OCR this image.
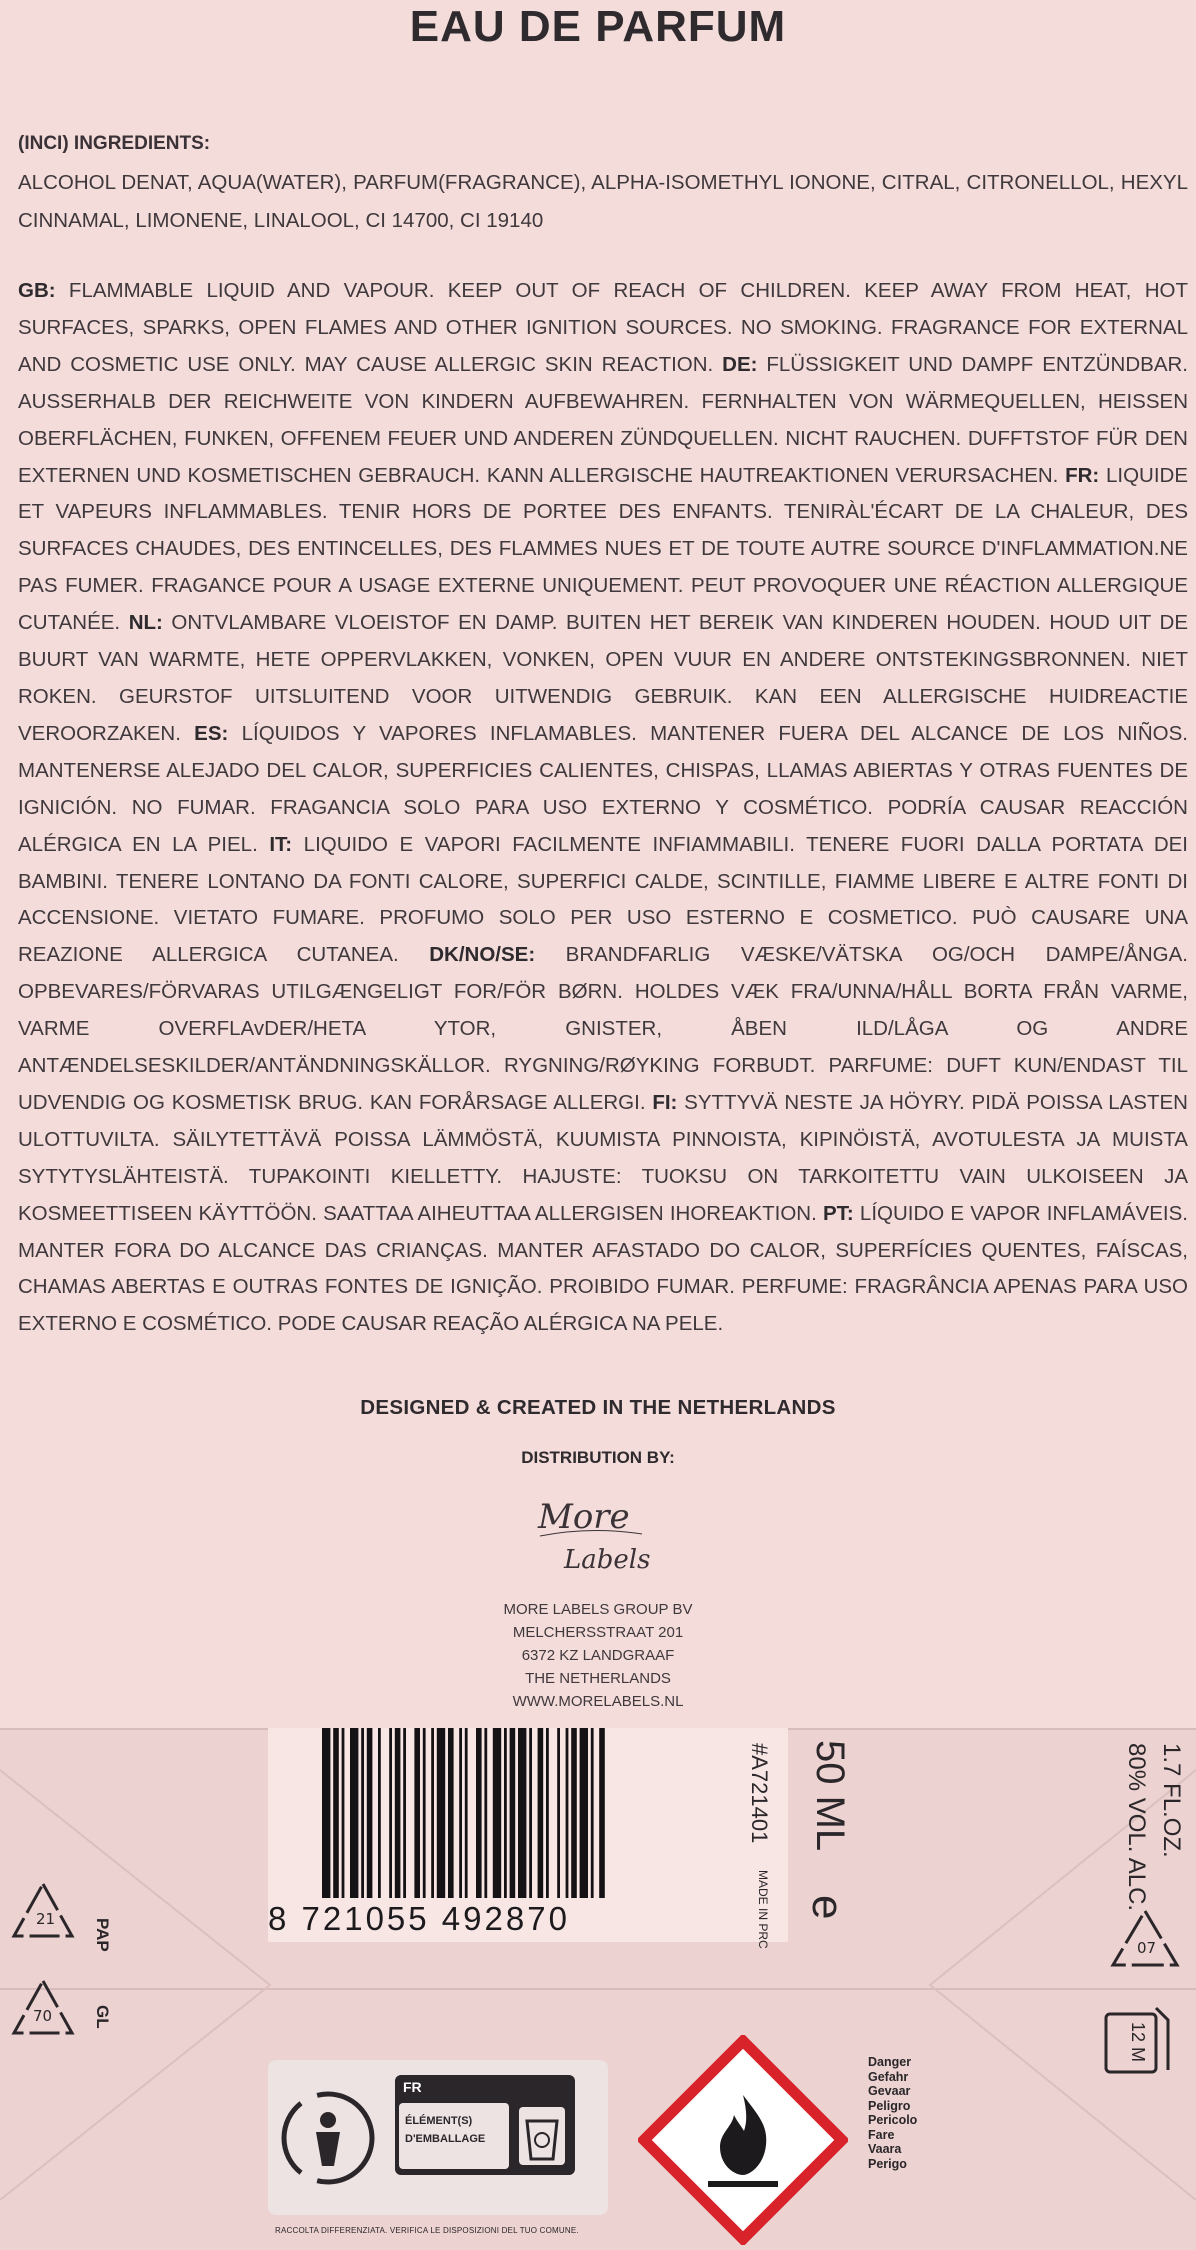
EAU DE PARFUM
(INCI) INGREDIENTS:
ALCOHOL DENAT, AQUA(WATER), PARFUM(FRAGRANCE), ALPHA-ISOMETHYL IONONE, CITRAL, CITRONELLOL, HEXYL CINNAMAL, LIMONENE, LINALOOL, CI 14700, CI 19140
GB: FLAMMABLE LIQUID AND VAPOUR. KEEP OUT OF REACH OF CHILDREN. KEEP AWAY FROM HEAT, HOT SURFACES, SPARKS, OPEN FLAMES AND OTHER IGNITION SOURCES. NO SMOKING. FRAGRANCE FOR EXTERNAL AND COSMETIC USE ONLY. MAY CAUSE ALLERGIC SKIN REACTION. DE: FLÜSSIGKEIT UND DAMPF ENTZÜNDBAR. AUSSERHALB DER REICHWEITE VON KINDERN AUFBEWAHREN. FERNHALTEN VON WÄRMEQUELLEN, HEISSEN OBERFLÄCHEN, FUNKEN, OFFENEM FEUER UND ANDEREN ZÜNDQUELLEN. NICHT RAUCHEN. DUFFTSTOF FÜR DEN EXTERNEN UND KOSMETISCHEN GEBRAUCH. KANN ALLERGISCHE HAUTREAKTIONEN VERURSACHEN. FR: LIQUIDE ET VAPEURS INFLAMMABLES. TENIR HORS DE PORTEE DES ENFANTS. TENIRÀL'ÉCART DE LA CHALEUR, DES SURFACES CHAUDES, DES ENTINCELLES, DES FLAMMES NUES ET DE TOUTE AUTRE SOURCE D'INFLAMMATION.NE PAS FUMER. FRAGANCE POUR A USAGE EXTERNE UNIQUEMENT. PEUT PROVOQUER UNE RÉACTION ALLERGIQUE CUTANÉE. NL: ONTVLAMBARE VLOEISTOF EN DAMP. BUITEN HET BEREIK VAN KINDEREN HOUDEN. HOUD UIT DE BUURT VAN WARMTE, HETE OPPERVLAKKEN, VONKEN, OPEN VUUR EN ANDERE ONTSTEKINGSBRONNEN. NIET ROKEN. GEURSTOF UITSLUITEND VOOR UITWENDIG GEBRUIK. KAN EEN ALLERGISCHE HUIDREACTIE VEROORZAKEN. ES: LÍQUIDOS Y VAPORES INFLAMABLES. MANTENER FUERA DEL ALCANCE DE LOS NIÑOS. MANTENERSE ALEJADO DEL CALOR, SUPERFICIES CALIENTES, CHISPAS, LLAMAS ABIERTAS Y OTRAS FUENTES DE IGNICIÓN. NO FUMAR. FRAGANCIA SOLO PARA USO EXTERNO Y COSMÉTICO. PODRÍA CAUSAR REACCIÓN ALÉRGICA EN LA PIEL. IT: LIQUIDO E VAPORI FACILMENTE INFIAMMABILI. TENERE FUORI DALLA PORTATA DEI BAMBINI. TENERE LONTANO DA FONTI CALORE, SUPERFICI CALDE, SCINTILLE, FIAMME LIBERE E ALTRE FONTI DI ACCENSIONE. VIETATO FUMARE. PROFUMO SOLO PER USO ESTERNO E COSMETICO. PUÒ CAUSARE UNA REAZIONE ALLERGICA CUTANEA. DK/NO/SE: BRANDFARLIG VÆSKE/VÄTSKA OG/OCH DAMPE/ÅNGA. OPBEVARES/FÖRVARAS UTILGÆNGELIGT FOR/FÖR BØRN. HOLDES VÆK FRA/UNNA/HÅLL BORTA FRÅN VARME, VARME OVERFLAvDER/HETA YTOR, GNISTER, ÅBEN ILD/LÅGA OG ANDRE ANTÆNDELSESKILDER/ANTÄNDNINGSKÄLLOR. RYGNING/RØYKING FORBUDT. PARFUME: DUFT KUN/ENDAST TIL UDVENDIG OG KOSMETISK BRUG. KAN FORÅRSAGE ALLERGI. FI: SYTTYVÄ NESTE JA HÖYRY. PIDÄ POISSA LASTEN ULOTTUVILTA. SÄILYTETTÄVÄ POISSA LÄMMÖSTÄ, KUUMISTA PINNOISTA, KIPINÖISTÄ, AVOTULESTA JA MUISTA SYTYTYSLÄHTEISTÄ. TUPAKOINTI KIELLETTY. HAJUSTE: TUOKSU ON TARKOITETTU VAIN ULKOISEEN JA KOSMEETTISEEN KÄYTTÖÖN. SAATTAA AIHEUTTAA ALLERGISEN IHOREAKTION. PT: LÍQUIDO E VAPOR INFLAMÁVEIS. MANTER FORA DO ALCANCE DAS CRIANÇAS. MANTER AFASTADO DO CALOR, SUPERFÍCIES QUENTES, FAÍSCAS, CHAMAS ABERTAS E OUTRAS FONTES DE IGNIÇÃO. PROIBIDO FUMAR. PERFUME: FRAGRÂNCIA APENAS PARA USO EXTERNO E COSMÉTICO. PODE CAUSAR REAÇÃO ALÉRGICA NA PELE.
DESIGNED & CREATED IN THE NETHERLANDS
DISTRIBUTION BY:
More
Labels
MORE LABELS GROUP BV
MELCHERSSTRAAT 201
6372 KZ LANDGRAAF
THE NETHERLANDS
WWW.MORELABELS.NL
8 721055 492870
1.7 FL.OZ.
80% VOL. ALC.
50 ML
e
#A721401
MADE IN PRC
21 PAP
70 GL
07
12 M
FR
ÉLÉMENT(S)
D'EMBALLAGE
RACCOLTA DIFFERENZIATA. VERIFICA LE DISPOSIZIONI DEL TUO COMUNE.
Danger
Gefahr
Gevaar
Peligro
Pericolo
Fare
Vaara
Perigo
